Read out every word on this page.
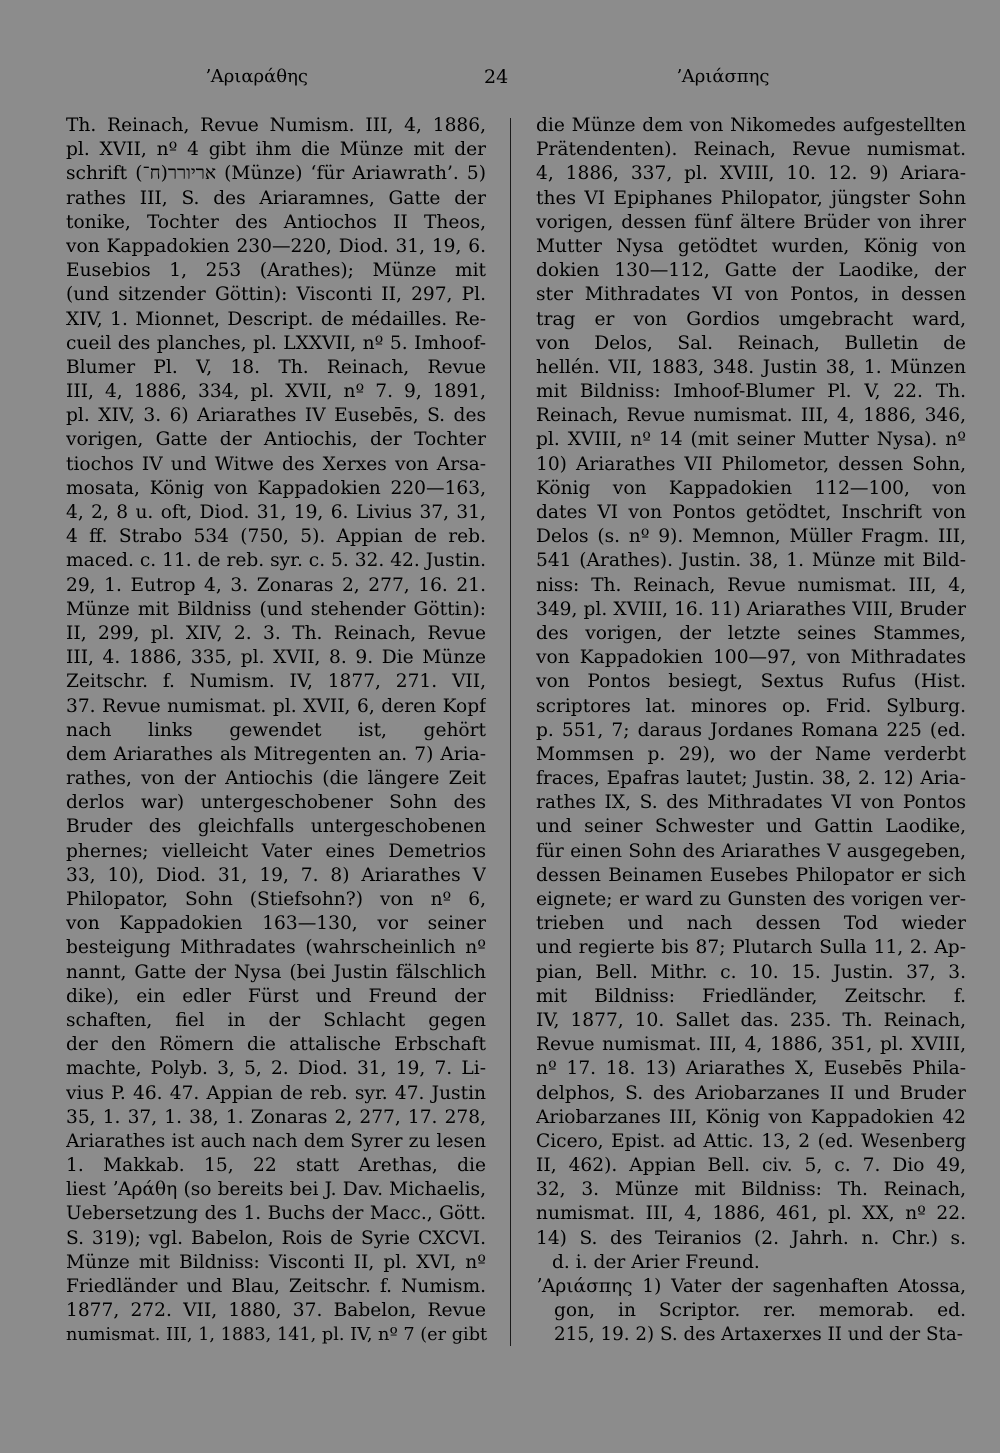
ʼΑριαράθης	24	ʼΑριάσπης
Th. Reinach, Revue Numism. III, 4, 1886,
pl. XVII, nº 4 gibt ihm die Münze mit der
schrift (ח־)אריורר (Münze) ‘für Ariawrath’. 5)
rathes III, S. des Ariaramnes, Gatte der
tonike, Tochter des Antiochos II Theos,
von Kappadokien 230—220, Diod. 31, 19, 6.
Eusebios 1, 253 (Arathes); Münze mit
(und sitzender Göttin): Visconti II, 297, Pl.
XIV, 1. Mionnet, Descript. de médailles. Re-
cueil des planches, pl. LXXVII, nº 5. Imhoof-
Blumer Pl. V, 18. Th. Reinach, Revue
III, 4, 1886, 334, pl. XVII, nº 7. 9, 1891,
pl. XIV, 3. 6) Ariarathes IV Eusebēs, S. des
vorigen, Gatte der Antiochis, der Tochter
tiochos IV und Witwe des Xerxes von Arsa-
mosata, König von Kappadokien 220—163,
4, 2, 8 u. oft, Diod. 31, 19, 6. Livius 37, 31,
4 ff. Strabo 534 (750, 5). Appian de reb.
maced. c. 11. de reb. syr. c. 5. 32. 42. Justin.
29, 1. Eutrop 4, 3. Zonaras 2, 277, 16. 21.
Münze mit Bildniss (und stehender Göttin):
II, 299, pl. XIV, 2. 3. Th. Reinach, Revue
III, 4. 1886, 335, pl. XVII, 8. 9. Die Münze
Zeitschr. f. Numism. IV, 1877, 271. VII,
37. Revue numismat. pl. XVII, 6, deren Kopf
nach links gewendet ist, gehört
dem Ariarathes als Mitregenten an. 7) Aria-
rathes, von der Antiochis (die längere Zeit
derlos war) untergeschobener Sohn des
Bruder des gleichfalls untergeschobenen
phernes; vielleicht Vater eines Demetrios
33, 10), Diod. 31, 19, 7. 8) Ariarathes V
Philopator, Sohn (Stiefsohn?) von nº 6,
von Kappadokien 163—130, vor seiner
besteigung Mithradates (wahrscheinlich nº
nannt, Gatte der Nysa (bei Justin fälschlich
dike), ein edler Fürst und Freund der
schaften, fiel in der Schlacht gegen
der den Römern die attalische Erbschaft
machte, Polyb. 3, 5, 2. Diod. 31, 19, 7. Li-
vius P. 46. 47. Appian de reb. syr. 47. Justin
35, 1. 37, 1. 38, 1. Zonaras 2, 277, 17. 278,
Ariarathes ist auch nach dem Syrer zu lesen
1. Makkab. 15, 22 statt Arethas, die
liest ʼΑράθη (so bereits bei J. Dav. Michaelis,
Uebersetzung des 1. Buchs der Macc., Gött.
S. 319); vgl. Babelon, Rois de Syrie CXCVI.
Münze mit Bildniss: Visconti II, pl. XVI, nº
Friedländer und Blau, Zeitschr. f. Numism.
1877, 272. VII, 1880, 37. Babelon, Revue
numismat. III, 1, 1883, 141, pl. IV, nº 7 (er gibt
die Münze dem von Nikomedes aufgestellten
Prätendenten). Reinach, Revue numismat.
4, 1886, 337, pl. XVIII, 10. 12. 9) Ariara-
thes VI Epiphanes Philopator, jüngster Sohn
vorigen, dessen fünf ältere Brüder von ihrer
Mutter Nysa getödtet wurden, König von
dokien 130—112, Gatte der Laodike, der
ster Mithradates VI von Pontos, in dessen
trag er von Gordios umgebracht ward,
von Delos, Sal. Reinach, Bulletin de
hellén. VII, 1883, 348. Justin 38, 1. Münzen
mit Bildniss: Imhoof-Blumer Pl. V, 22. Th.
Reinach, Revue numismat. III, 4, 1886, 346,
pl. XVIII, nº 14 (mit seiner Mutter Nysa). nº
10) Ariarathes VII Philometor, dessen Sohn,
König von Kappadokien 112—100, von
dates VI von Pontos getödtet, Inschrift von
Delos (s. nº 9). Memnon, Müller Fragm. III,
541 (Arathes). Justin. 38, 1. Münze mit Bild-
niss: Th. Reinach, Revue numismat. III, 4,
349, pl. XVIII, 16. 11) Ariarathes VIII, Bruder
des vorigen, der letzte seines Stammes,
von Kappadokien 100—97, von Mithradates
von Pontos besiegt, Sextus Rufus (Hist.
scriptores lat. minores op. Frid. Sylburg.
p. 551, 7; daraus Jordanes Romana 225 (ed.
Mommsen p. 29), wo der Name verderbt
fraces, Epafras lautet; Justin. 38, 2. 12) Aria-
rathes IX, S. des Mithradates VI von Pontos
und seiner Schwester und Gattin Laodike,
für einen Sohn des Ariarathes V ausgegeben,
dessen Beinamen Eusebes Philopator er sich
eignete; er ward zu Gunsten des vorigen ver-
trieben und nach dessen Tod wieder
und regierte bis 87; Plutarch Sulla 11, 2. Ap-
pian, Bell. Mithr. c. 10. 15. Justin. 37, 3.
mit Bildniss: Friedländer, Zeitschr. f.
IV, 1877, 10. Sallet das. 235. Th. Reinach,
Revue numismat. III, 4, 1886, 351, pl. XVIII,
nº 17. 18. 13) Ariarathes X, Eusebēs Phila-
delphos, S. des Ariobarzanes II und Bruder
Ariobarzanes III, König von Kappadokien 42
Cicero, Epist. ad Attic. 13, 2 (ed. Wesenberg
II, 462). Appian Bell. civ. 5, c. 7. Dio 49,
32, 3. Münze mit Bildniss: Th. Reinach,
numismat. III, 4, 1886, 461, pl. XX, nº 22.
14) S. des Teiranios (2. Jahrh. n. Chr.) s.
d. i. der Arier Freund.
ʼΑριάσπης 1) Vater der sagenhaften Atossa,
gon, in Scriptor. rer. memorab. ed.
215, 19. 2) S. des Artaxerxes II und der Sta-
